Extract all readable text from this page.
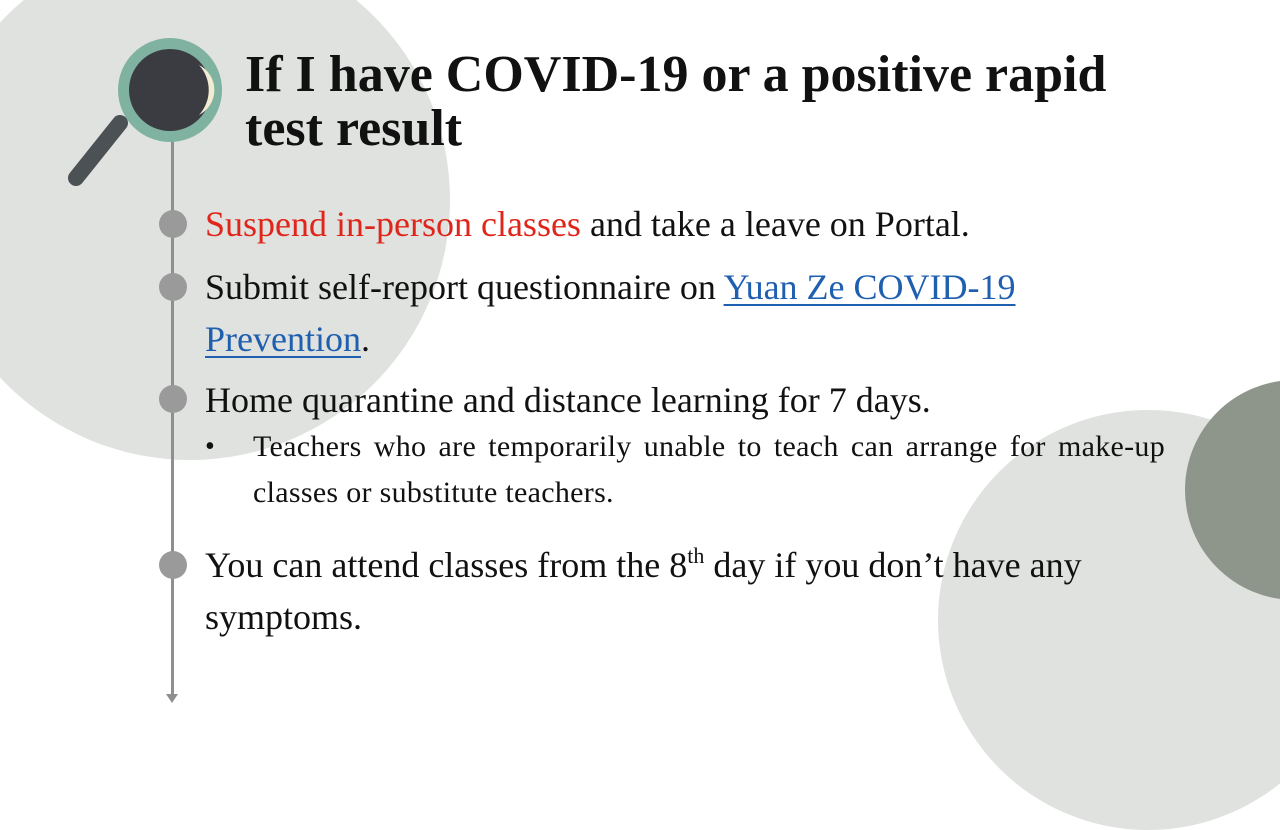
If I have COVID-19 or a positive rapid test result
Suspend in-person classes and take a leave on Portal.
Submit self-report questionnaire on Yuan Ze COVID-19 Prevention.
Home quarantine and distance learning for 7 days.
• Teachers who are temporarily unable to teach can arrange for make-up classes or substitute teachers.
You can attend classes from the 8th day if you don’t have any symptoms.
